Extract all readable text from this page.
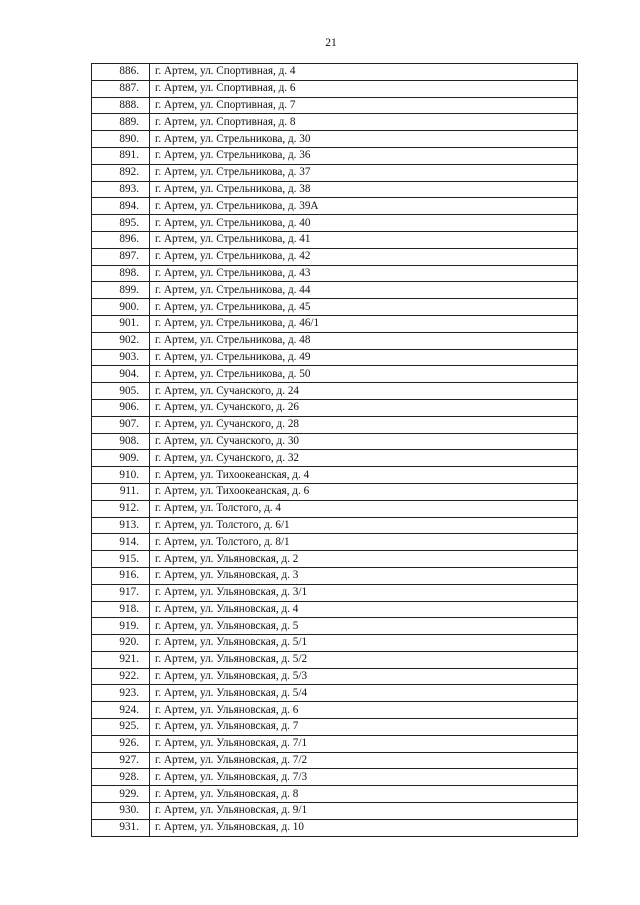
21
886.	г. Артем, ул. Спортивная, д. 4
887.	г. Артем, ул. Спортивная, д. 6
888.	г. Артем, ул. Спортивная, д. 7
889.	г. Артем, ул. Спортивная, д. 8
890.	г. Артем, ул. Стрельникова, д. 30
891.	г. Артем, ул. Стрельникова, д. 36
892.	г. Артем, ул. Стрельникова, д. 37
893.	г. Артем, ул. Стрельникова, д. 38
894.	г. Артем, ул. Стрельникова, д. 39А
895.	г. Артем, ул. Стрельникова, д. 40
896.	г. Артем, ул. Стрельникова, д. 41
897.	г. Артем, ул. Стрельникова, д. 42
898.	г. Артем, ул. Стрельникова, д. 43
899.	г. Артем, ул. Стрельникова, д. 44
900.	г. Артем, ул. Стрельникова, д. 45
901.	г. Артем, ул. Стрельникова, д. 46/1
902.	г. Артем, ул. Стрельникова, д. 48
903.	г. Артем, ул. Стрельникова, д. 49
904.	г. Артем, ул. Стрельникова, д. 50
905.	г. Артем, ул. Сучанского, д. 24
906.	г. Артем, ул. Сучанского, д. 26
907.	г. Артем, ул. Сучанского, д. 28
908.	г. Артем, ул. Сучанского, д. 30
909.	г. Артем, ул. Сучанского, д. 32
910.	г. Артем, ул. Тихоокеанская, д. 4
911.	г. Артем, ул. Тихоокеанская, д. 6
912.	г. Артем, ул. Толстого, д. 4
913.	г. Артем, ул. Толстого, д. 6/1
914.	г. Артем, ул. Толстого, д. 8/1
915.	г. Артем, ул. Ульяновская, д. 2
916.	г. Артем, ул. Ульяновская, д. 3
917.	г. Артем, ул. Ульяновская, д. 3/1
918.	г. Артем, ул. Ульяновская, д. 4
919.	г. Артем, ул. Ульяновская, д. 5
920.	г. Артем, ул. Ульяновская, д. 5/1
921.	г. Артем, ул. Ульяновская, д. 5/2
922.	г. Артем, ул. Ульяновская, д. 5/3
923.	г. Артем, ул. Ульяновская, д. 5/4
924.	г. Артем, ул. Ульяновская, д. 6
925.	г. Артем, ул. Ульяновская, д. 7
926.	г. Артем, ул. Ульяновская, д. 7/1
927.	г. Артем, ул. Ульяновская, д. 7/2
928.	г. Артем, ул. Ульяновская, д. 7/3
929.	г. Артем, ул. Ульяновская, д. 8
930.	г. Артем, ул. Ульяновская, д. 9/1
931.	г. Артем, ул. Ульяновская, д. 10
